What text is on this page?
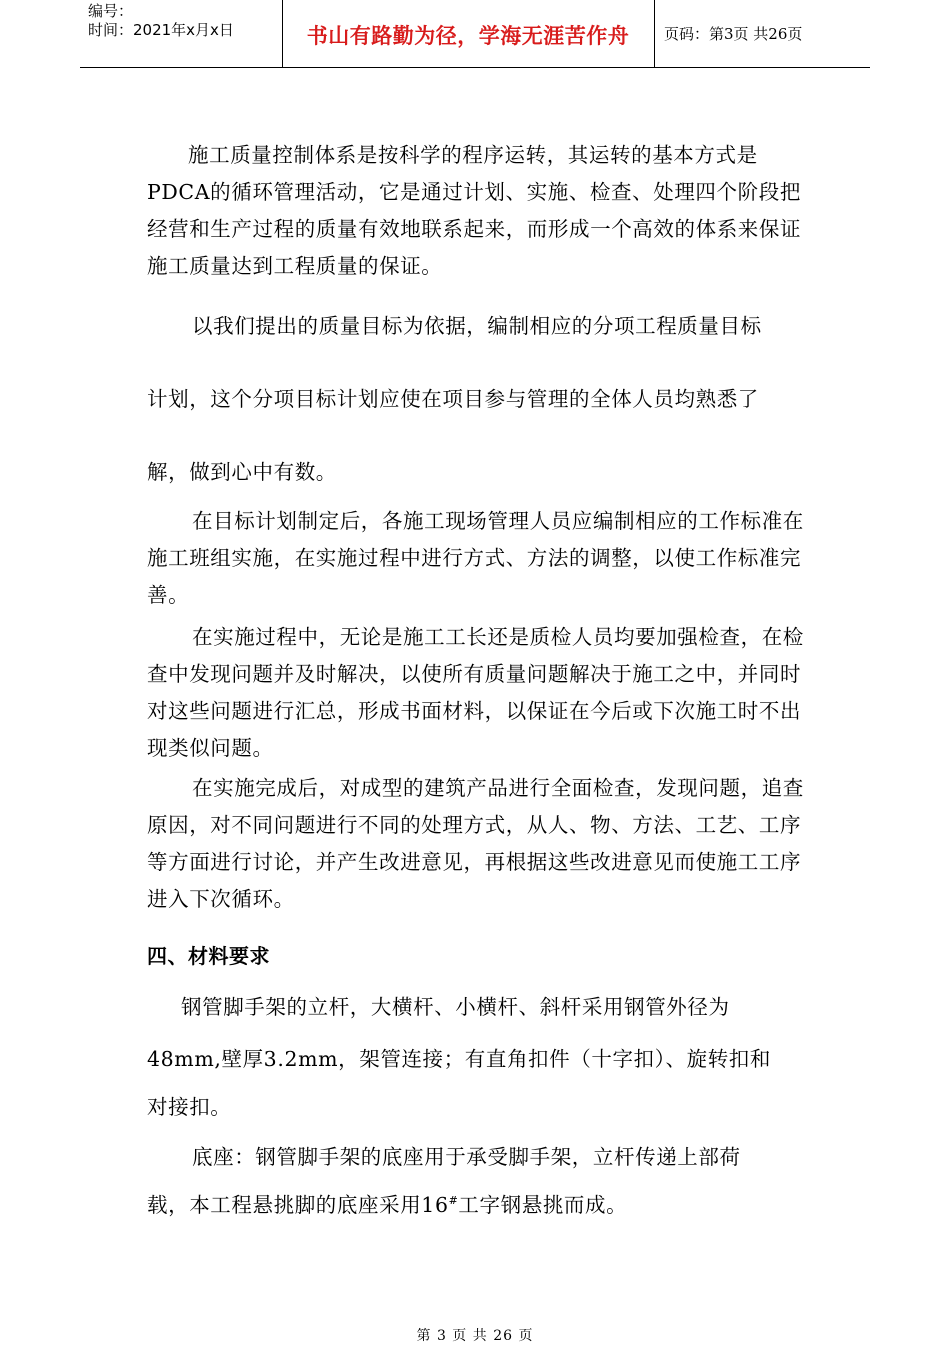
编号：
时间：2021年x月x日	书山有路勤为径，学海无涯苦作舟	页码：第3页 共26页
施工质量控制体系是按科学的程序运转，其运转的基本方式是PDCA的循环管理活动，它是通过计划、实施、检查、处理四个阶段把经营和生产过程的质量有效地联系起来，而形成一个高效的体系来保证施工质量达到工程质量的保证。
以我们提出的质量目标为依据，编制相应的分项工程质量目标
计划，这个分项目标计划应使在项目参与管理的全体人员均熟悉了
解，做到心中有数。
在目标计划制定后，各施工现场管理人员应编制相应的工作标准在施工班组实施，在实施过程中进行方式、方法的调整，以使工作标准完善。
在实施过程中，无论是施工工长还是质检人员均要加强检查，在检查中发现问题并及时解决，以使所有质量问题解决于施工之中，并同时对这些问题进行汇总，形成书面材料，以保证在今后或下次施工时不出现类似问题。
在实施完成后，对成型的建筑产品进行全面检查，发现问题，追查原因，对不同问题进行不同的处理方式，从人、物、方法、工艺、工序等方面进行讨论，并产生改进意见，再根据这些改进意见而使施工工序进入下次循环。
四、材料要求
钢管脚手架的立杆，大横杆、小横杆、斜杆采用钢管外径为
48mm,壁厚3.2mm，架管连接；有直角扣件（十字扣）、旋转扣和
对接扣。
底座：钢管脚手架的底座用于承受脚手架，立杆传递上部荷
载，本工程悬挑脚的底座采用16#工字钢悬挑而成。
第 3 页 共 26 页
